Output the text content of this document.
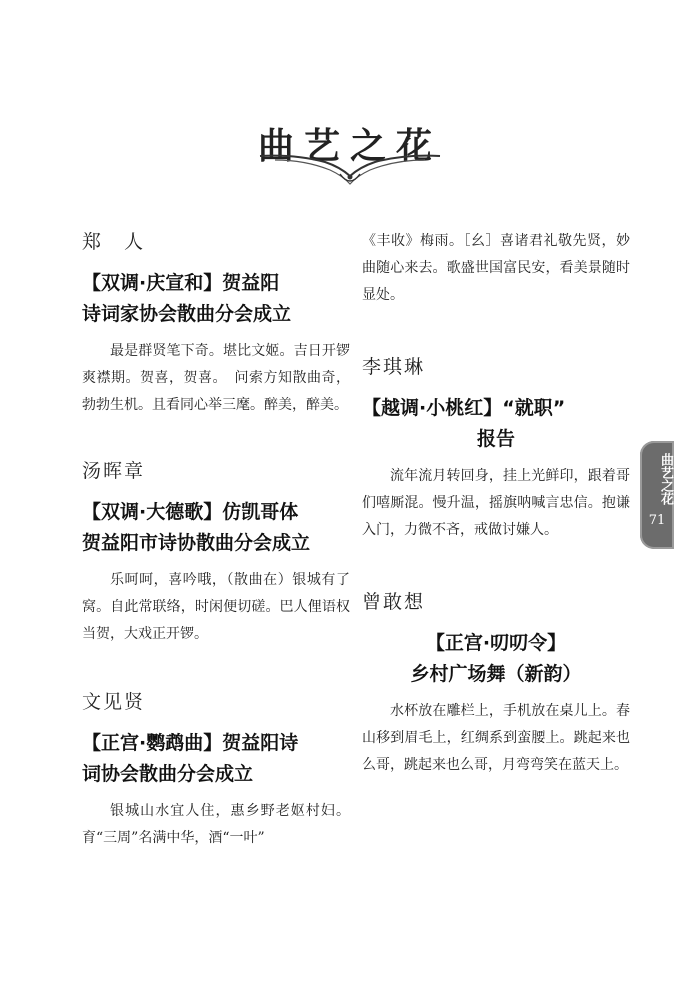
曲艺之花

郑　人

【双调·庆宣和】贺益阳

诗词家协会散曲分会成立

最是群贤笔下奇。堪比文姬。吉日开锣爽襟期。贺喜，贺喜。　问索方知散曲奇，勃勃生机。且看同心举三麾。醉美，醉美。

汤晖章

【双调·大德歌】仿凯哥体

贺益阳市诗协散曲分会成立

乐呵呵，喜吟哦，（散曲在）银城有了窝。自此常联络，时闲便切磋。巴人俚语权当贺，大戏正开锣。

文见贤

【正宫·鹦鹉曲】贺益阳诗

词协会散曲分会成立

银城山水宜人住，惠乡野老妪村妇。育“三周”名满中华，酒“一叶”

《丰收》梅雨。［幺］喜诸君礼敬先贤，妙曲随心来去。歌盛世国富民安，看美景随时显处。

李琪琳

【越调·小桃红】“就职”

报告

流年流月转回身，挂上光鲜印，跟着哥们嘻厮混。慢升温，摇旗呐喊言忠信。抱谦入门，力微不吝，戒做讨嫌人。

曾敢想

【正宫·叨叨令】

乡村广场舞（新韵）

水杯放在雕栏上，手机放在桌儿上。春山移到眉毛上，红绸系到蛮腰上。跳起来也么哥，跳起来也么哥，月弯弯笑在蓝天上。

曲艺之花
71
